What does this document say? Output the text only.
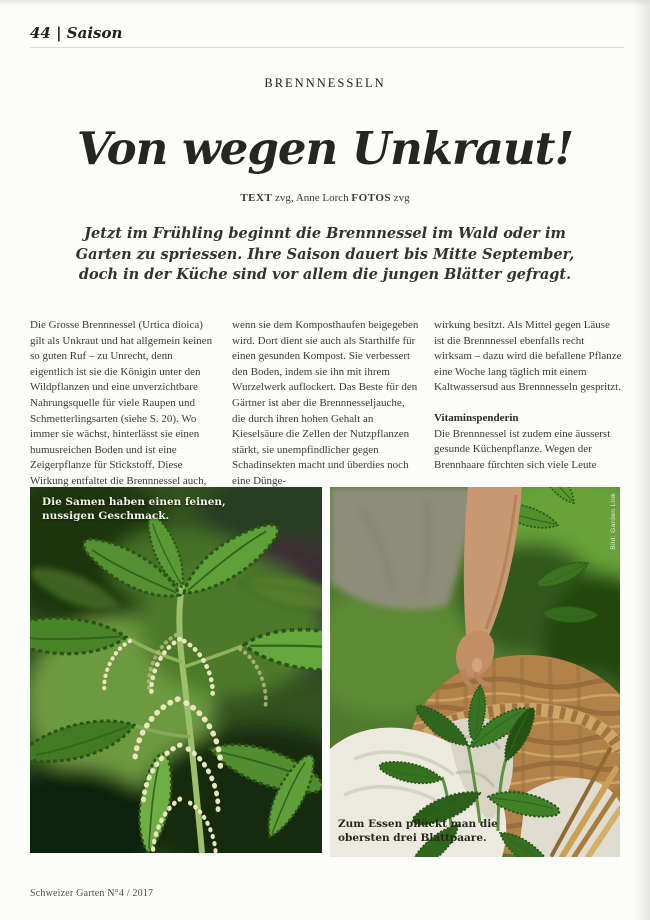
44 | Saison
BRENNNESSELN
Von wegen Unkraut!
TEXT zvg, Anne Lorch FOTOS zvg
Jetzt im Frühling beginnt die Brennnessel im Wald oder im Garten zu spriessen. Ihre Saison dauert bis Mitte September, doch in der Küche sind vor allem die jungen Blätter gefragt.

Die Grosse Brennnessel (Urtica dioica) gilt als Unkraut und hat allgemein keinen so guten Ruf – zu Unrecht, denn eigentlich ist sie die Königin unter den Wildpflanzen und eine unverzichtbare Nahrungsquelle für viele Raupen und Schmetterlingsarten (siehe S. 20). Wo immer sie wächst, hinterlässt sie einen humusreichen Boden und ist eine Zeigerpflanze für Stickstoff. Diese Wirkung entfaltet die Brennnessel auch,

wenn sie dem Komposthaufen beigegeben wird. Dort dient sie auch als Starthilfe für einen gesunden Kompost. Sie verbessert den Boden, indem sie ihn mit ihrem Wurzelwerk auflockert. Das Beste für den Gärtner ist aber die Brennnesseljauche, die durch ihren hohen Gehalt an Kieselsäure die Zellen der Nutzpflanzen stärkt, sie unempfindlicher gegen Schadinsekten macht und überdies noch eine Dünge-

wirkung besitzt. Als Mittel gegen Läuse ist die Brennnessel ebenfalls recht wirksam – dazu wird die befallene Pflanze eine Woche lang täglich mit einem Kaltwassersud aus Brennnesseln gespritzt.

Vitaminspenderin

Die Brennnessel ist zudem eine äusserst gesunde Küchenpflanze. Wegen der Brennhaare fürchten sich viele Leute

Die Samen haben einen feinen, nussigen Geschmack.
Zum Essen pflückt man die obersten drei Blattpaare.
Bild: Garden Link
Schweizer Garten N°4 / 2017
